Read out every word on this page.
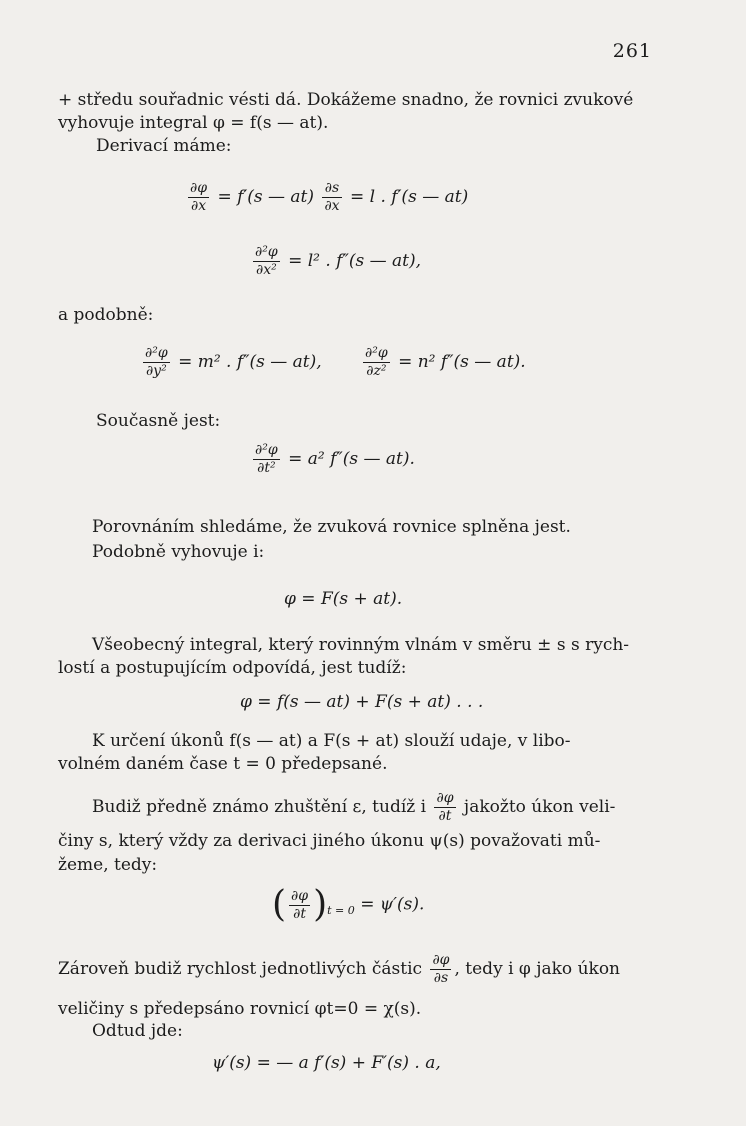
261
+ středu souřadnic vésti dá. Dokážeme snadno, že rovnici zvukové
vyhovuje integral φ = f(s — at).
Derivací máme:
$\frac{\partial\varphi}{\partial x} = f'(s$ — $at) \frac{\partial s}{\partial x} = l$ . f′(s — at)
$\frac{\text{∂²φ}}{\text{∂x²}} = l^2$ . f″(s — at),
a podobně:
$\frac{\text{∂²φ}}{\text{∂y²}} = m^2$ . f″(s — at),	$\frac{\text{∂²φ}}{\text{∂z²}} = n^2$ f″(s — at).
Současně jest:
$\frac{\text{∂²φ}}{\text{∂t²}} = a^2$ f″(s — at).
Porovnáním shledáme, že zvuková rovnice splněna jest.
Podobně vyhovuje i:
φ = F(s + at).
Všeobecný integral, který rovinným vlnám v směru ± s s rych-
lostí a postupujícím odpovídá, jest tudíž:
φ = f(s — at) + F(s + at) . . .
K určení úkonů f(s — at) a F(s + at) slouží udaje, v libo-
volném daném čase t = 0 předepsané.
Budiž předně známo zhuštění ε, tudíž i $\frac{\partial\varphi}{\partial t}$ jakožto úkon veli-
činy s, který vždy za derivaci jiného úkonu ψ(s) považovati mů-
žeme, tedy:
( $\frac{\partial\varphi}{\partial t} )_{t = 0} = \psi'(s)$.
Zároveň budiž rychlost jednotlivých částic $\frac{\partial\varphi}{\partial s}$ , tedy i φ jako úkon
veličiny s předepsáno rovnicí φt=0 = χ(s).
Odtud jde:
ψ′(s) = — a f′(s) + F′(s) . a,
